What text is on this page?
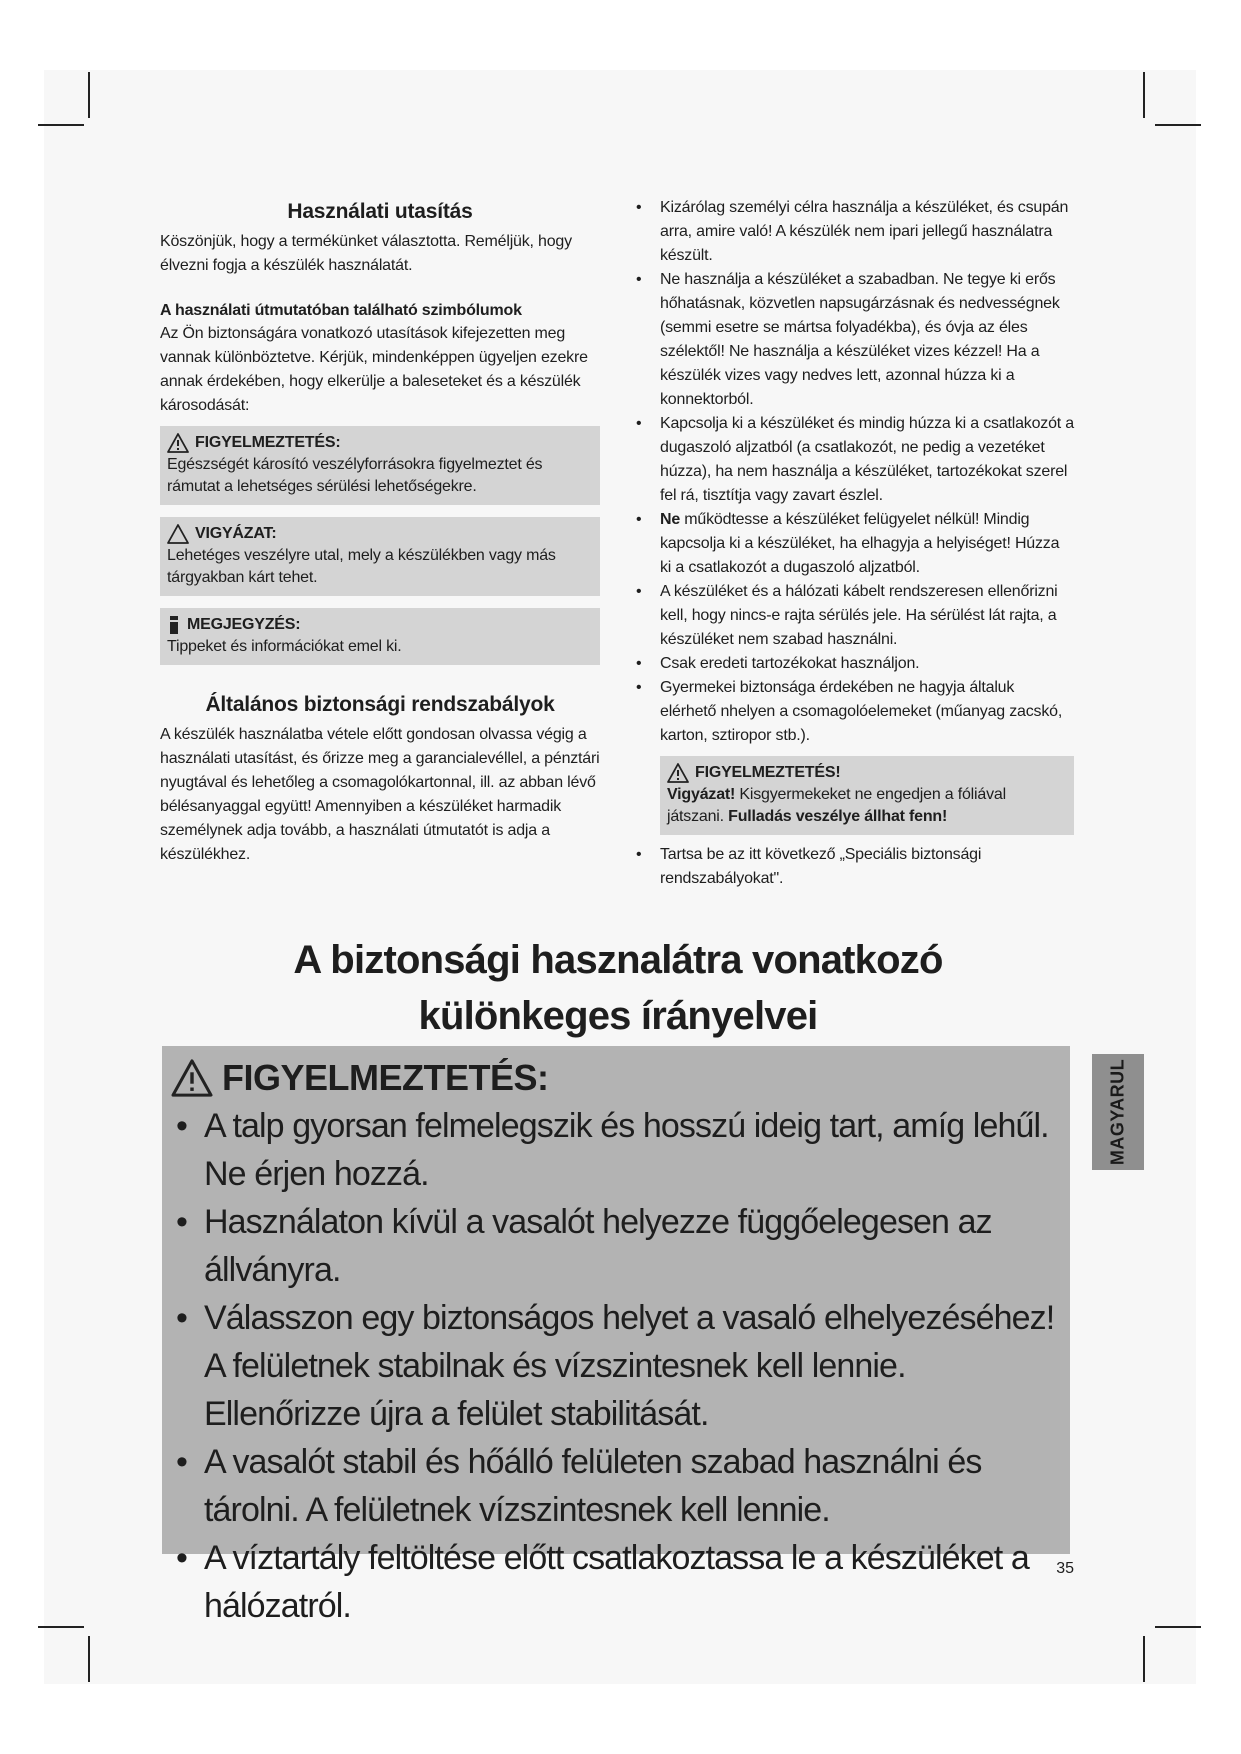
Használati utasítás

Köszönjük, hogy a termékünket választotta. Reméljük, hogy élvezni fogja a készülék használatát.

A használati útmutatóban található szimbólumok

Az Ön biztonságára vonatkozó utasítások kifejezetten meg vannak különböztetve. Kérjük, mindenképpen ügyeljen ezekre annak érdekében, hogy elkerülje a baleseteket és a készülék károsodását:

FIGYELMEZTETÉS:
Egészségét károsító veszélyforrásokra figyelmeztet és rámutat a lehetséges sérülési lehetőségekre.
VIGYÁZAT:
Lehetéges veszélyre utal, mely a készülékben vagy más tárgyakban kárt tehet.
MEGJEGYZÉS:
Tippeket és információkat emel ki.
Általános biztonsági rendszabályok

A készülék használatba vétele előtt gondosan olvassa végig a használati utasítást, és őrizze meg a garancialevéllel, a pénztári nyugtával és lehetőleg a csomagolókartonnal, ill. az abban lévő bélésanyaggal együtt! Amennyiben a készüléket harmadik személynek adja tovább, a használati útmutatót is adja a készülékhez.

• Kizárólag személyi célra használja a készüléket, és csupán arra, amire való! A készülék nem ipari jellegű használatra készült.
• Ne használja a készüléket a szabadban. Ne tegye ki erős hőhatásnak, közvetlen napsugárzásnak és nedvességnek (semmi esetre se mártsa folyadékba), és óvja az éles szélektől! Ne használja a készüléket vizes kézzel! Ha a készülék vizes vagy nedves lett, azonnal húzza ki a konnektorból.
• Kapcsolja ki a készüléket és mindig húzza ki a csatlakozót a dugaszoló aljzatból (a csatlakozót, ne pedig a vezetéket húzza), ha nem használja a készüléket, tartozékokat szerel fel rá, tisztítja vagy zavart észlel.
• Ne működtesse a készüléket felügyelet nélkül! Mindig kapcsolja ki a készüléket, ha elhagyja a helyiséget! Húzza ki a csatlakozót a dugaszoló aljzatból.
• A készüléket és a hálózati kábelt rendszeresen ellenőrizni kell, hogy nincs-e rajta sérülés jele. Ha sérülést lát rajta, a készüléket nem szabad használni.
• Csak eredeti tartozékokat használjon.
• Gyermekei biztonsága érdekében ne hagyja általuk elérhető nhelyen a csomagolóelemeket (műanyag zacskó, karton, sztiropor stb.).
FIGYELMEZTETÉS!
Vigyázat! Kisgyermekeket ne engedjen a fóliával játszani. Fulladás veszélye állhat fenn!
• Tartsa be az itt következő „Speciális biztonsági rendszabályokat".
A biztonsági hasznalátra vonatkozó
különkeges írányelvei
FIGYELMEZTETÉS:
• A talp gyorsan felmelegszik és hosszú ideig tart, amíg lehűl. Ne érjen hozzá.
• Használaton kívül a vasalót helyezze függőelegesen az állványra.
• Válasszon egy biztonságos helyet a vasaló elhelyezéséhez! A felületnek stabilnak és vízszintesnek kell lennie. Ellenőrizze újra a felület stabilitását.
• A vasalót stabil és hőálló felületen szabad használni és tárolni. A felületnek vízszintesnek kell lennie.
• A víztartály feltöltése előtt csatlakoztassa le a készüléket a hálózatról.
MAGYARUL
35
